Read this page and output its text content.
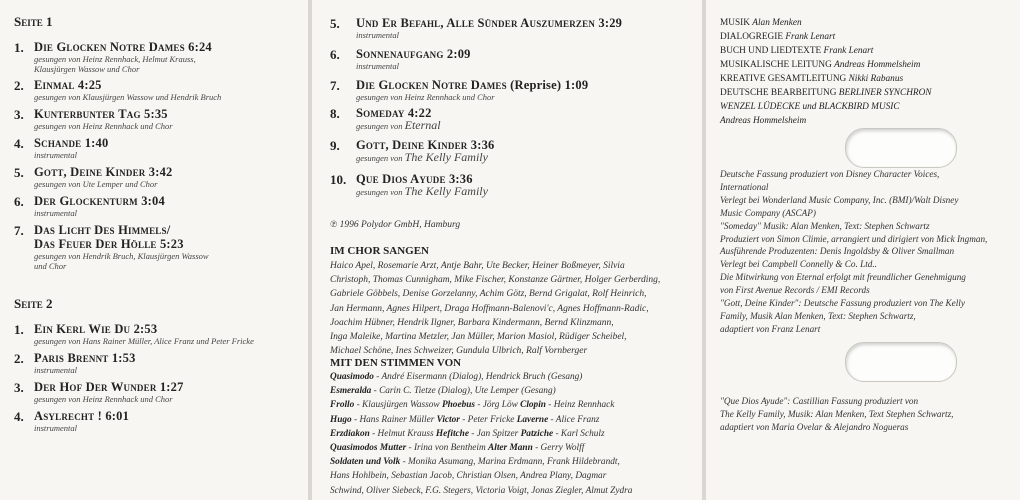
Seite 1
1. Die Glocken Notre Dames 6:24
gesungen von Heinz Rennhack, Helmut Krauss,
Klausjürgen Wassow und Chor
2. Einmal 4:25
gesungen von Klausjürgen Wassow und Hendrik Bruch
3. Kunterbunter Tag 5:35
gesungen von Heinz Rennhack und Chor
4. Schande 1:40
instrumental
5. Gott, Deine Kinder 3:42
gesungen von Ute Lemper und Chor
6. Der Glockenturm 3:04
instrumental
7. Das Licht Des Himmels/
Das Feuer Der Hölle 5:23
gesungen von Hendrik Bruch, Klausjürgen Wassow
und Chor
Seite 2
1. Ein Kerl Wie Du 2:53
gesungen von Hans Rainer Müller, Alice Franz und Peter Fricke
2. Paris Brennt 1:53
instrumental
3. Der Hof Der Wunder 1:27
gesungen von Heinz Rennhack und Chor
4. Asylrecht ! 6:01
instrumental
5. Und Er Befahl, Alle Sünder Auszumerzen 3:29
instrumental
6. Sonnenaufgang 2:09
instrumental
7. Die Glocken Notre Dames (Reprise) 1:09
gesungen von Heinz Rennhack und Chor
8. Someday 4:22
gesungen von Eternal
9. Gott, Deine Kinder 3:36
gesungen von The Kelly Family
10. Que Dios Ayude 3:36
gesungen von The Kelly Family
℗ 1996 Polydor GmbH, Hamburg
IM CHOR SANGEN
Haico Apel, Rosemarie Arzt, Antje Bahr, Ute Becker, Heiner Boßmeyer, Silvia
Christoph, Thomas Cunnigham, Mike Fischer, Konstanze Gärtner, Holger Gerberding,
Gabriele Göbbels, Denise Gorzelanny, Achim Götz, Bernd Grigalat, Rolf Heinrich,
Jan Hermann, Agnes Hilpert, Draga Hoffmann-Balenovi'c, Agnes Hoffmann-Radic,
Joachim Hübner, Hendrik Ilgner, Barbara Kindermann, Bernd Klinzmann,
Inga Maleike, Martina Metzler, Jan Müller, Marion Masiol, Rüdiger Scheibel,
Michael Schöne, Ines Schweizer, Gundula Ulbrich, Ralf Vornberger
MIT DEN STIMMEN VON
Quasimodo - André Eisermann (Dialog), Hendrick Bruch (Gesang)
Esmeralda - Carin C. Tietze (Dialog), Ute Lemper (Gesang)
Frollo - Klausjürgen Wassow Phoebus - Jörg Löw Clopin - Heinz Rennhack
Hugo - Hans Rainer Müller Victor - Peter Fricke Laverne - Alice Franz
Erzdiakon - Helmut Krauss Hefitche - Jan Spitzer Patziche - Karl Schulz
Quasimodos Mutter - Irina von Bentheim Alter Mann - Gerry Wolff
Soldaten und Volk - Monika Asumang, Marina Erdmann, Frank Hildebrandt,
Hans Hohlbein, Sebastian Jacob, Christian Olsen, Andrea Plany, Dagmar
Schwind, Oliver Siebeck, F.G. Stegers, Victoria Voigt, Jonas Ziegler, Almut Zydra
MUSIK Alan Menken
DIALOGREGIE Frank Lenart
BUCH UND LIEDTEXTE Frank Lenart
MUSIKALISCHE LEITUNG Andreas Hommelsheim
KREATIVE GESAMTLEITUNG Nikki Rabanus
DEUTSCHE BEARBEITUNG BERLINER SYNCHRON
WENZEL LÜDECKE und BLACKBIRD MUSIC
Andreas Hommelsheim
Deutsche Fassung produziert von Disney Character Voices,
International
Verlegt bei Wonderland Music Company, Inc. (BMI)/Walt Disney
Music Company (ASCAP)
"Someday" Musik: Alan Menken, Text: Stephen Schwartz
Produziert von Simon Climie, arrangiert und dirigiert von Mick Ingman,
Ausführende Produzenten: Denis Ingoldsby & Oliver Smallman
Verlegt bei Campbell Connelly & Co. Ltd..
Die Mitwirkung von Eternal erfolgt mit freundlicher Genehmigung
von First Avenue Records / EMI Records
"Gott, Deine Kinder": Deutsche Fassung produziert von The Kelly
Family, Musik Alan Menken, Text: Stephen Schwartz,
adaptiert von Franz Lenart
"Que Dios Ayude": Castillian Fassung produziert von
The Kelly Family, Musik: Alan Menken, Text Stephen Schwartz,
adaptiert von Maria Ovelar & Alejandro Nogueras
